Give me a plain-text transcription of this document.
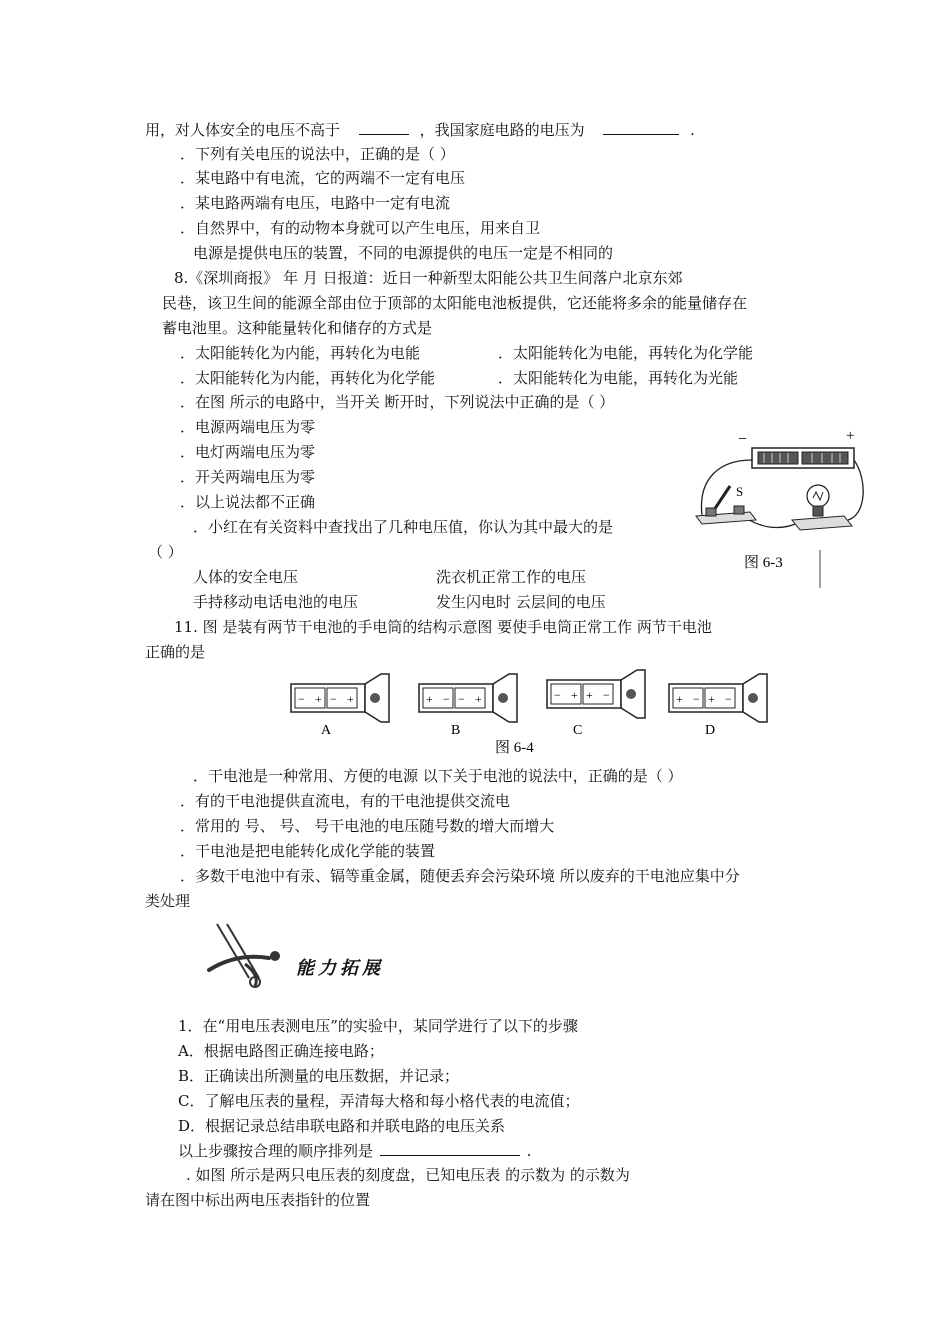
用，对人体安全的电压不高于	，我国家庭电路的电压为	.
．下列有关电压的说法中，正确的是（ ）
．某电路中有电流，它的两端不一定有电压
．某电路两端有电压，电路中一定有电流
．自然界中，有的动物本身就可以产生电压，用来自卫
电源是提供电压的装置，不同的电源提供的电压一定是不相同的
8.《深圳商报》 年 月 日报道：近日一种新型太阳能公共卫生间落户北京东郊
民巷，该卫生间的能源全部由位于顶部的太阳能电池板提供，它还能将多余的能量储存在
蓄电池里。这种能量转化和储存的方式是
．太阳能转化为内能，再转化为电能	．太阳能转化为电能，再转化为化学能
．太阳能转化为内能，再转化为化学能	．太阳能转化为电能，再转化为光能
．在图 所示的电路中，当开关 断开时，下列说法中正确的是（ ）
．电源两端电压为零
．电灯两端电压为零
．开关两端电压为零
．以上说法都不正确
−	+
S
图 6-3
．小红在有关资料中查找出了几种电压值，你认为其中最大的是
（ ）
人体的安全电压	洗衣机正常工作的电压
手持移动电话电池的电压	发生闪电时 云层间的电压
11. 图 是装有两节干电池的手电筒的结构示意图 要使手电筒正常工作 两节干电池
正确的是
− + − +
A
+ − − +
B
− + + −
C
+ − + −
D
图 6-4
．干电池是一种常用、方便的电源 以下关于电池的说法中，正确的是（ ）
．有的干电池提供直流电，有的干电池提供交流电
．常用的 号、 号、 号干电池的电压随号数的增大而增大
．干电池是把电能转化成化学能的装置
．多数干电池中有汞、镉等重金属，随便丢弃会污染环境 所以废弃的干电池应集中分
类处理
能力拓展
1．在“用电压表测电压”的实验中，某同学进行了以下的步骤
A．根据电路图正确连接电路；
B．正确读出所测量的电压数据，并记录；
C．了解电压表的量程，弄清每大格和每小格代表的电流值；
D．根据记录总结串联电路和并联电路的电压关系
以上步骤按合理的顺序排列是	.
. 如图 所示是两只电压表的刻度盘，已知电压表 的示数为 的示数为
请在图中标出两电压表指针的位置
